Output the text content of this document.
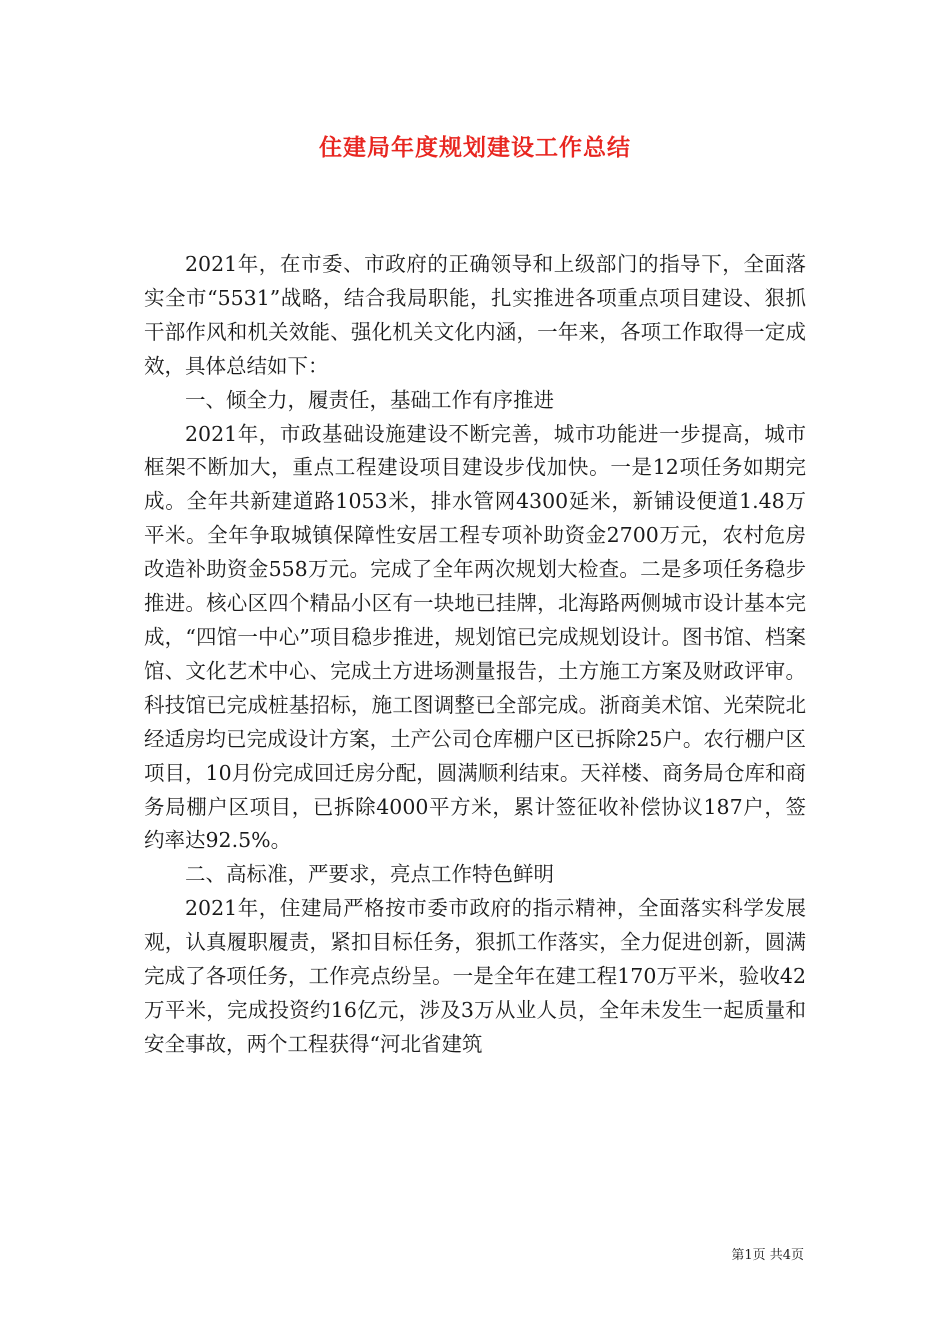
住建局年度规划建设工作总结

2021年，在市委、市政府的正确领导和上级部门的指导下，全面落实全市“5531”战略，结合我局职能，扎实推进各项重点项目建设、狠抓干部作风和机关效能、强化机关文化内涵，一年来，各项工作取得一定成效，具体总结如下：

一、倾全力，履责任，基础工作有序推进

2021年，市政基础设施建设不断完善，城市功能进一步提高，城市框架不断加大，重点工程建设项目建设步伐加快。一是12项任务如期完成。全年共新建道路1053米，排水管网4300延米，新铺设便道1.48万平米。全年争取城镇保障性安居工程专项补助资金2700万元，农村危房改造补助资金558万元。完成了全年两次规划大检查。二是多项任务稳步推进。核心区四个精品小区有一块地已挂牌，北海路两侧城市设计基本完成，“四馆一中心”项目稳步推进，规划馆已完成规划设计。图书馆、档案馆、文化艺术中心、完成土方进场测量报告，土方施工方案及财政评审。科技馆已完成桩基招标，施工图调整已全部完成。浙商美术馆、光荣院北经适房均已完成设计方案，土产公司仓库棚户区已拆除25户。农行棚户区项目，10月份完成回迁房分配，圆满顺利结束。天祥楼、商务局仓库和商务局棚户区项目，已拆除4000平方米，累计签征收补偿协议187户，签约率达92.5%。

二、高标准，严要求，亮点工作特色鲜明

2021年，住建局严格按市委市政府的指示精神，全面落实科学发展观，认真履职履责，紧扣目标任务，狠抓工作落实，全力促进创新，圆满完成了各项任务，工作亮点纷呈。一是全年在建工程170万平米，验收42万平米，完成投资约16亿元，涉及3万从业人员，全年未发生一起质量和安全事故，两个工程获得“河北省建筑

第1页 共4页
